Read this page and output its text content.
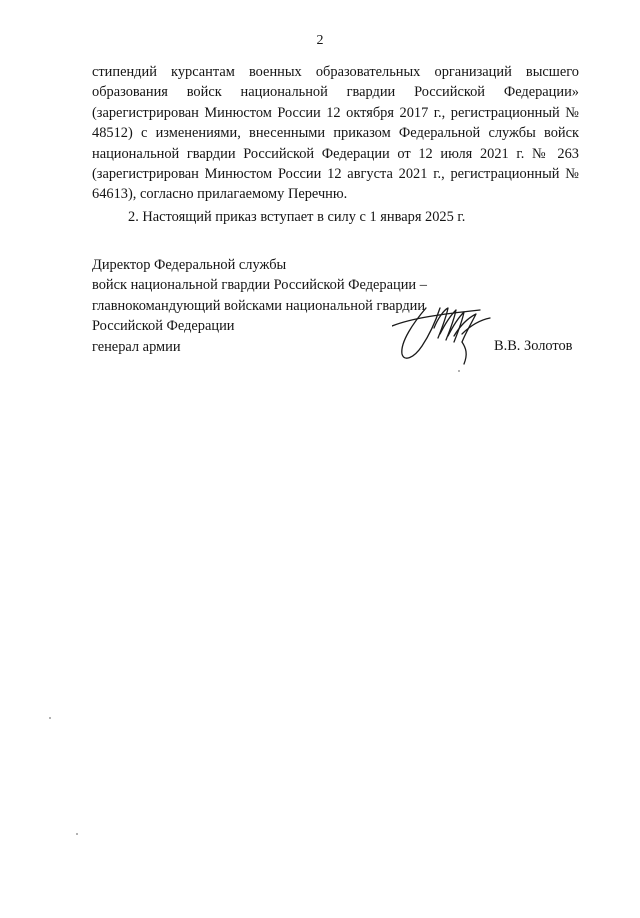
2

стипендий курсантам военных образовательных организаций высшего образования войск национальной гвардии Российской Федерации» (зарегистрирован Минюстом России 12 октября 2017 г., регистрационный № 48512) с изменениями, внесенными приказом Федеральной службы войск национальной гвардии Российской Федерации от 12 июля 2021 г. № 263 (зарегистрирован Минюстом России 12 августа 2021 г., регистрационный № 64613), согласно прилагаемому Перечню.

2. Настоящий приказ вступает в силу с 1 января 2025 г.

Директор Федеральной службы
войск национальной гвардии Российской Федерации –
главнокомандующий войсками национальной гвардии
Российской Федерации
генерал армии	В.В. Золотов
